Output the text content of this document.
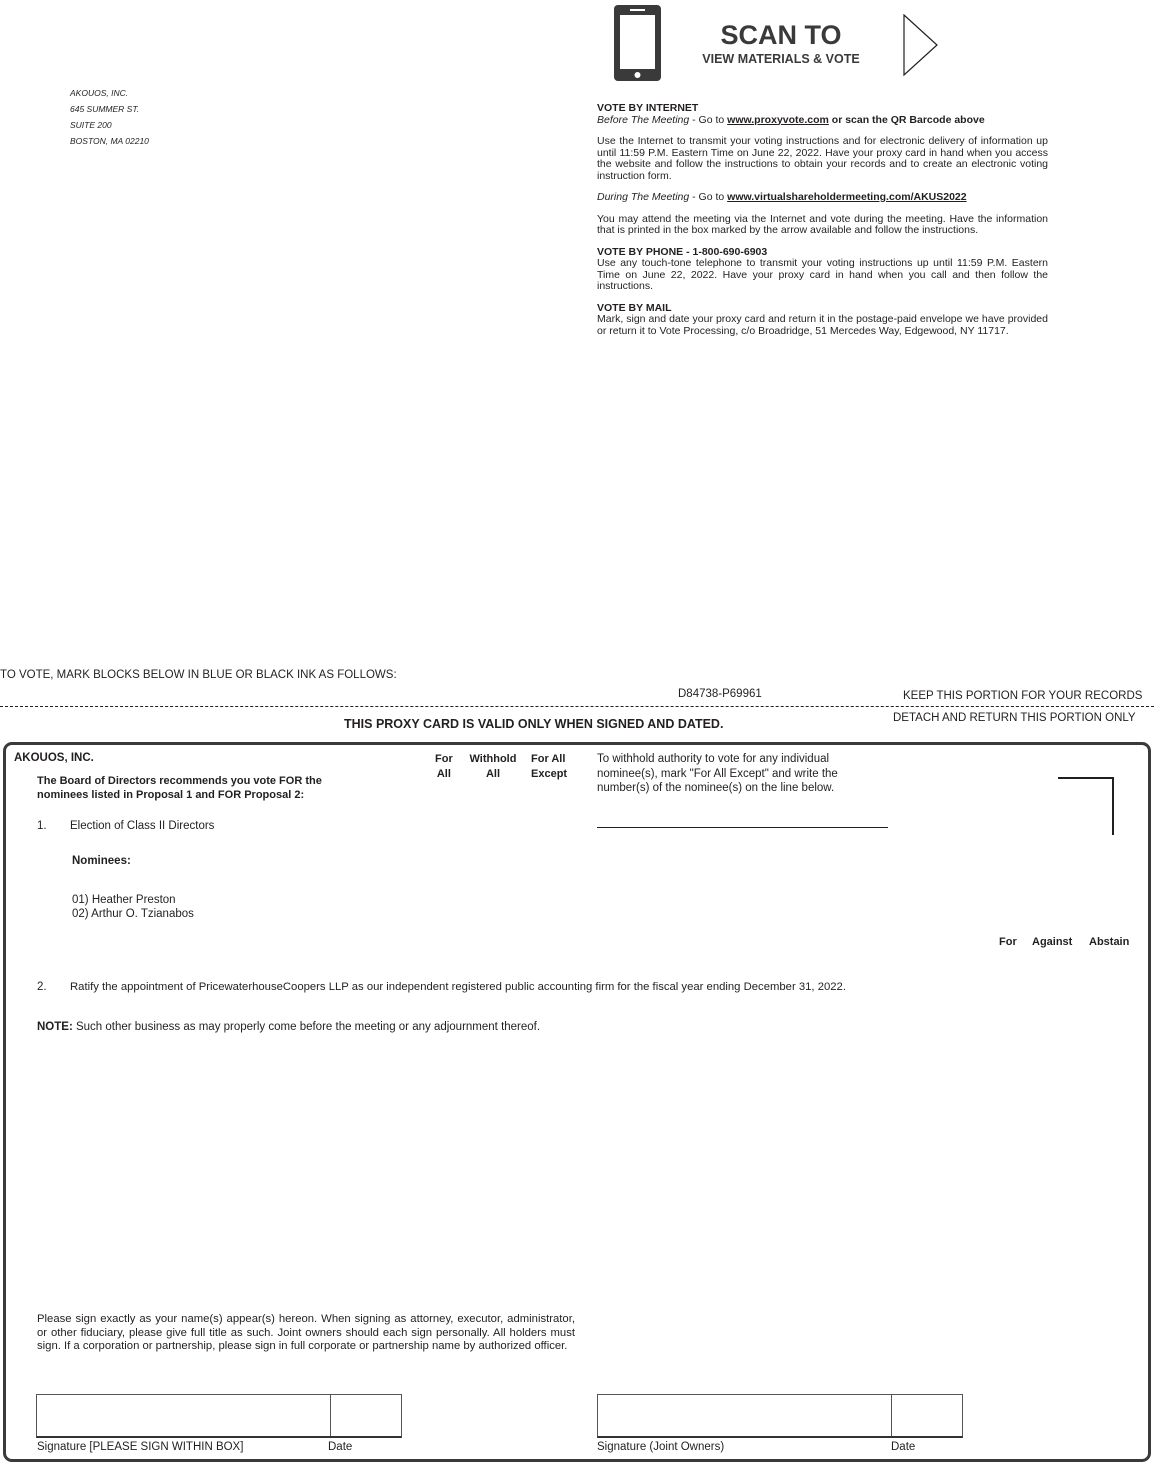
AKOUOS, INC.
645 SUMMER ST.
SUITE 200
BOSTON, MA 02210
SCAN TO
VIEW MATERIALS & VOTE

VOTE BY INTERNET
Before The Meeting - Go to www.proxyvote.com or scan the QR Barcode above

Use the Internet to transmit your voting instructions and for electronic delivery of information up until 11:59 P.M. Eastern Time on June 22, 2022. Have your proxy card in hand when you access the website and follow the instructions to obtain your records and to create an electronic voting instruction form.

During The Meeting - Go to www.virtualshareholdermeeting.com/AKUS2022

You may attend the meeting via the Internet and vote during the meeting. Have the information that is printed in the box marked by the arrow available and follow the instructions.

VOTE BY PHONE - 1-800-690-6903
Use any touch-tone telephone to transmit your voting instructions up until 11:59 P.M. Eastern Time on June 22, 2022. Have your proxy card in hand when you call and then follow the instructions.

VOTE BY MAIL
Mark, sign and date your proxy card and return it in the postage-paid envelope we have provided or return it to Vote Processing, c/o Broadridge, 51 Mercedes Way, Edgewood, NY 11717.

TO VOTE, MARK BLOCKS BELOW IN BLUE OR BLACK INK AS FOLLOWS:
D84738-P69961	KEEP THIS PORTION FOR YOUR RECORDS
DETACH AND RETURN THIS PORTION ONLY
THIS PROXY CARD IS VALID ONLY WHEN SIGNED AND DATED.
AKOUOS, INC.
The Board of Directors recommends you vote FOR the
nominees listed in Proposal 1 and FOR Proposal 2:
For
All
Withhold
All
For All
Except
To withhold authority to vote for any individual
nominee(s), mark "For All Except" and write the
number(s) of the nominee(s) on the line below.
1. Election of Class II Directors
Nominees:
01) Heather Preston
02) Arthur O. Tzianabos
For Against Abstain
2. Ratify the appointment of PricewaterhouseCoopers LLP as our independent registered public accounting firm for the fiscal year ending December 31, 2022.
NOTE: Such other business as may properly come before the meeting or any adjournment thereof.
Please sign exactly as your name(s) appear(s) hereon. When signing as attorney, executor, administrator, or other fiduciary, please give full title as such. Joint owners should each sign personally. All holders must sign. If a corporation or partnership, please sign in full corporate or partnership name by authorized officer.
Signature [PLEASE SIGN WITHIN BOX]	Date	Signature (Joint Owners)	Date
